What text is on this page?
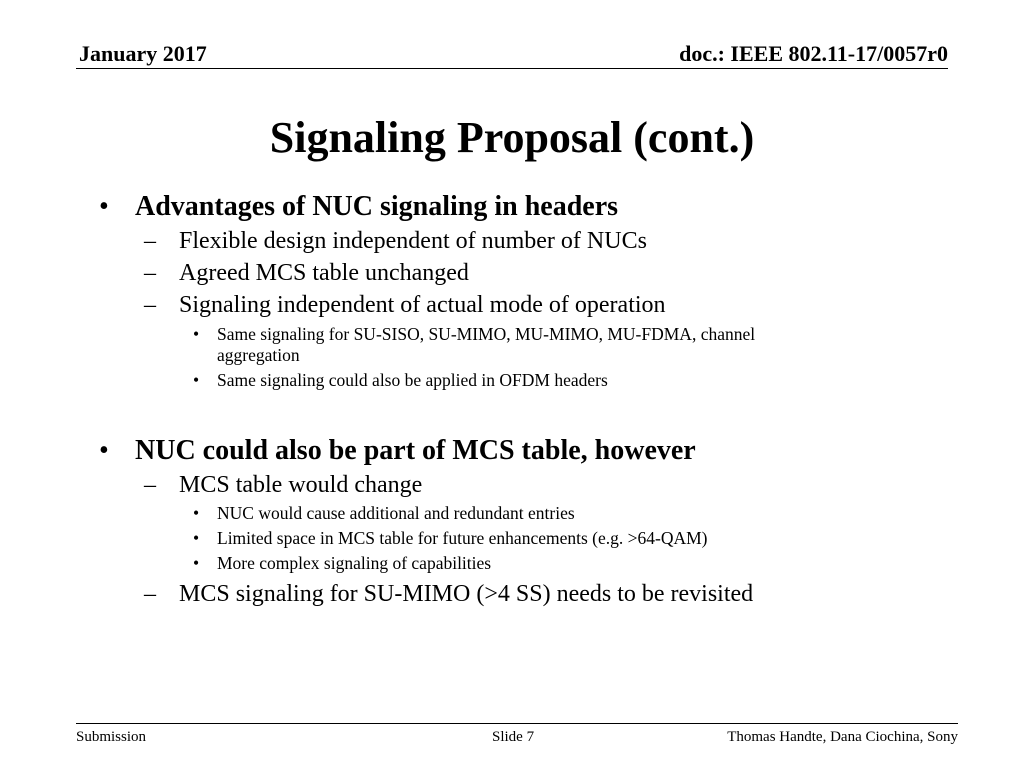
January 2017	doc.: IEEE 802.11-17/0057r0
Signaling Proposal (cont.)
• Advantages of NUC signaling in headers
– Flexible design independent of number of NUCs
– Agreed MCS table unchanged
– Signaling independent of actual mode of operation
• Same signaling for SU-SISO, SU-MIMO, MU-MIMO, MU-FDMA, channel
aggregation
• Same signaling could also be applied in OFDM headers
• NUC could also be part of MCS table, however
– MCS table would change
• NUC would cause additional and redundant entries
• Limited space in MCS table for future enhancements (e.g. >64-QAM)
• More complex signaling of capabilities
– MCS signaling for SU-MIMO (>4 SS) needs to be revisited
Submission	Slide 7	Thomas Handte, Dana Ciochina, Sony
